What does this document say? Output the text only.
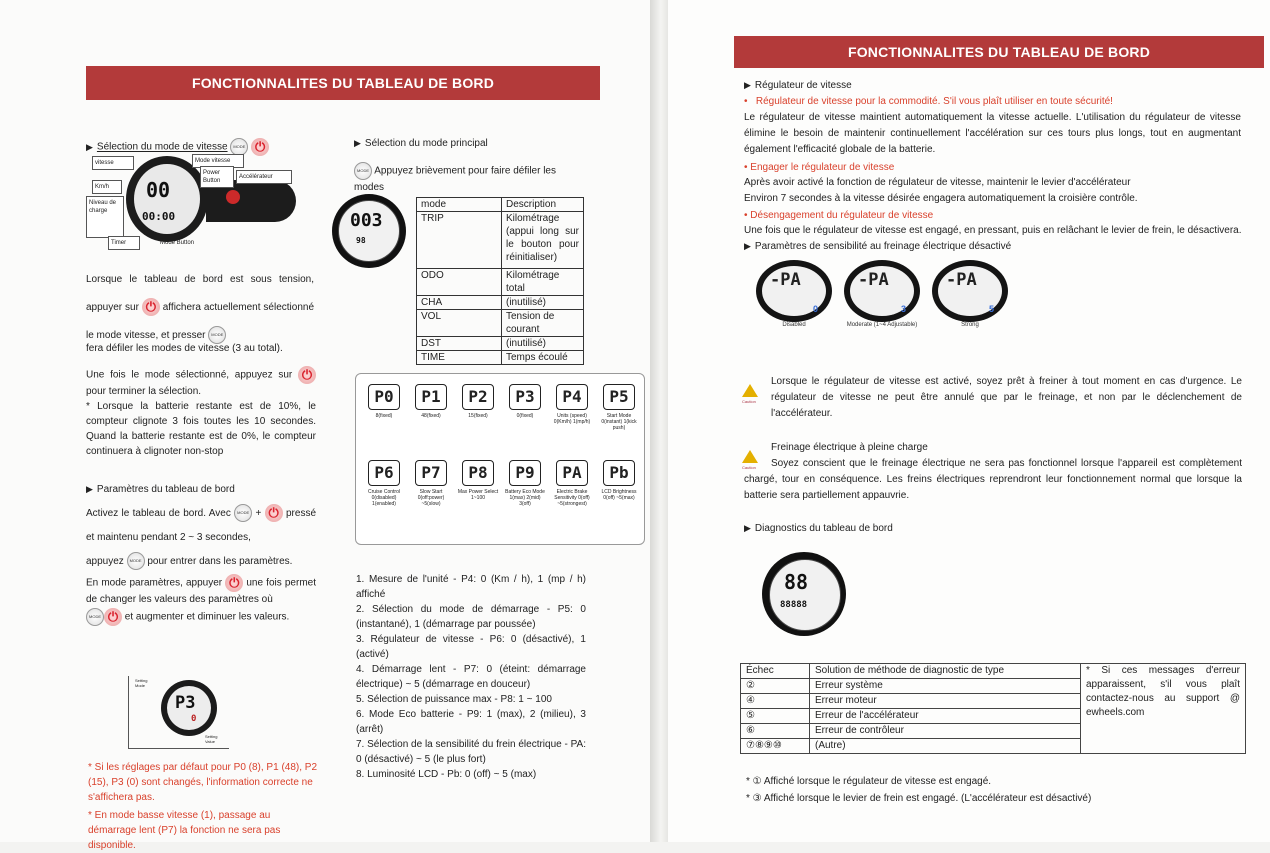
FONCTIONNALITES DU TABLEAU DE BORD
▶ Sélection du mode de vitesse MODE ⏻
00
00:00
vitesse
Km/h
Niveau de charge
Timer
Mode vitesse
Power Button
Accélérateur
Mode Button
Lorsque le tableau de bord est sous tension, appuyer sur ⏻ affichera actuellement sélectionné le mode vitesse, et presser MODE
fera défiler les modes de vitesse (3 au total).
Une fois le mode sélectionné, appuyez sur ⏻ pour terminer la sélection.
* Lorsque la batterie restante est de 10%, le compteur clignote 3 fois toutes les 10 secondes. Quand la batterie restante est de 0%, le compteur continuera à clignoter non-stop
▶ Paramètres du tableau de bord
Activez le tableau de bord. Avec MODE + ⏻ pressé et maintenu pendant 2 ~ 3 secondes,
appuyez MODE pour entrer dans les paramètres.
En mode paramètres, appuyer ⏻ une fois permet de changer les valeurs des paramètres où
MODE ⏻ et augmenter et diminuer les valeurs.
Setting Mode
P3
0
Setting Value
* Si les réglages par défaut pour P0 (8), P1 (48), P2 (15), P3 (0) sont changés, l'information correcte ne s'affichera pas.
* En mode basse vitesse (1), passage au démarrage lent (P7) la fonction ne sera pas disponible.
▶ Sélection du mode principal
MODE Appuyez brièvement pour faire défiler les modes
003
98
mode	Description
TRIP	Kilométrage (appui long sur le bouton pour réinitialiser)
ODO	Kilométrage total
CHA	(inutilisé)
VOL	Tension de courant
DST	(inutilisé)
TIME	Temps écoulé
P0
8(fixed)
P1
48(fixed)
P2
15(fixed)
P3
0(fixed)
P4
Units (speed) 0(Km/h) 1(mp/h)
P5
Start Mode 0(instant) 1(kick push)
P6
Cruise Control 0(disabled) 1(enabled)
P7
Slow Start 0(off:power) ~5(slow)
P8
Max Power Select 1~100
P9
Battery Eco Mode 1(max) 2(mid) 3(off)
PA
Electric Brake Sensitivity 0(off) ~5(strongest)
Pb
LCD Brightness 0(off) ~5(max)
1. Mesure de l'unité - P4: 0 (Km / h), 1 (mp / h) affiché
2. Sélection du mode de démarrage - P5: 0 (instantané), 1 (démarrage par poussée)
3. Régulateur de vitesse - P6: 0 (désactivé), 1 (activé)
4. Démarrage lent - P7: 0 (éteint: démarrage électrique) ~ 5 (démarrage en douceur)
5. Sélection de puissance max - P8: 1 ~ 100
6. Mode Eco batterie - P9: 1 (max), 2 (milieu), 3 (arrêt)
7. Sélection de la sensibilité du frein électrique - PA: 0 (désactivé) ~ 5 (le plus fort)
8. Luminosité LCD - Pb: 0 (off) ~ 5 (max)
FONCTIONNALITES DU TABLEAU DE BORD
▶ Régulateur de vitesse
• Régulateur de vitesse pour la commodité. S'il vous plaît utiliser en toute sécurité!
Le régulateur de vitesse maintient automatiquement la vitesse actuelle. L'utilisation du régulateur de vitesse élimine le besoin de maintenir continuellement l'accélération sur ces tours plus longs, tout en augmentant également l'efficacité globale de la batterie.
• Engager le régulateur de vitesse
Après avoir activé la fonction de régulateur de vitesse, maintenir le levier d'accélérateur
Environ 7 secondes à la vitesse désirée engagera automatiquement la croisière contrôle.
• Désengagement du régulateur de vitesse
Une fois que le régulateur de vitesse est engagé, en pressant, puis en relâchant le levier de frein, le désactivera.
▶ Paramètres de sensibilité au freinage électrique désactivé
-PA
0
Disabled
-PA
3
Moderate (1~4 Adjustable)
-PA
5
Strong
Caution
Lorsque le régulateur de vitesse est activé, soyez prêt à freiner à tout moment en cas d'urgence. Le régulateur de vitesse ne peut être annulé que par le freinage, et non par le déclenchement de l'accélérateur.
Caution
Freinage électrique à pleine charge
Soyez conscient que le freinage électrique ne sera pas fonctionnel lorsque l'appareil est complètement chargé, tour en conséquence. Les freins électriques reprendront leur fonctionnement normal que lorsque la batterie sera partiellement appauvrie.
▶ Diagnostics du tableau de bord
88
88888
Échec	Solution de méthode de diagnostic de type	* Si ces messages d'erreur apparaissent, s'il vous plaît contactez-nous au support @ ewheels.com
②	Erreur système	
④	Erreur moteur	
⑤	Erreur de l'accélérateur	
⑥	Erreur de contrôleur	
⑦⑧⑨⑩	(Autre)	
* ① Affiché lorsque le régulateur de vitesse est engagé.
* ③ Affiché lorsque le levier de frein est engagé. (L'accélérateur est désactivé)
